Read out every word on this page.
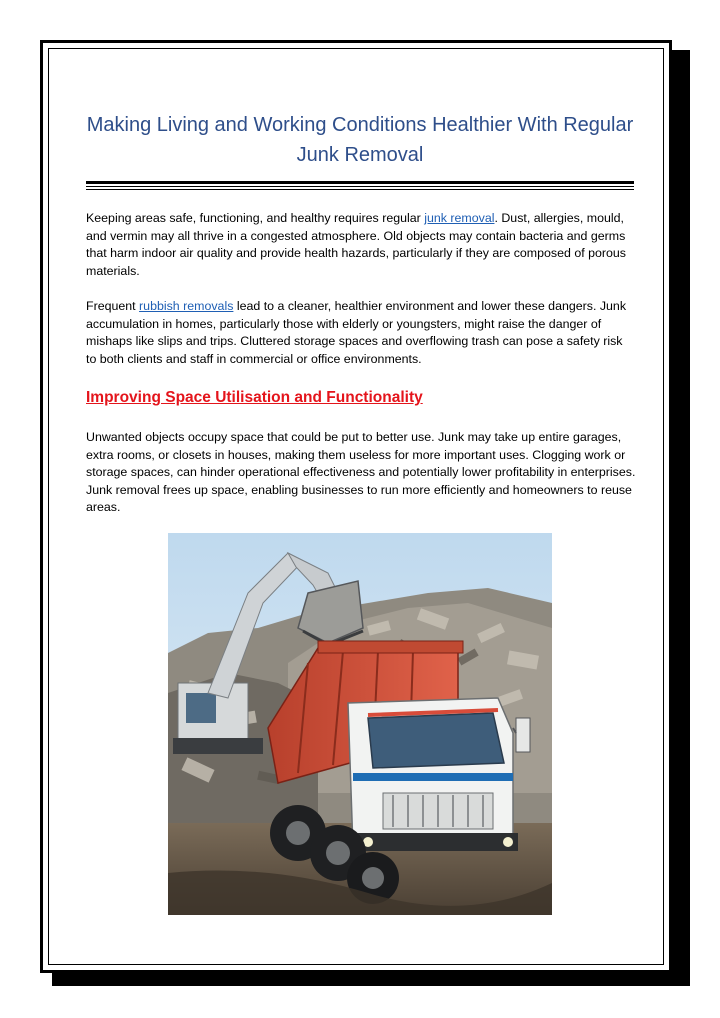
Making Living and Working Conditions Healthier With Regular Junk Removal

Keeping areas safe, functioning, and healthy requires regular junk removal. Dust, allergies, mould, and vermin may all thrive in a congested atmosphere. Old objects may contain bacteria and germs that harm indoor air quality and provide health hazards, particularly if they are composed of porous materials.

Frequent rubbish removals lead to a cleaner, healthier environment and lower these dangers. Junk accumulation in homes, particularly those with elderly or youngsters, might raise the danger of mishaps like slips and trips. Cluttered storage spaces and overflowing trash can pose a safety risk to both clients and staff in commercial or office environments.

Improving Space Utilisation and Functionality

Unwanted objects occupy space that could be put to better use. Junk may take up entire garages, extra rooms, or closets in houses, making them useless for more important uses. Clogging work or storage spaces, can hinder operational effectiveness and potentially lower profitability in enterprises. Junk removal frees up space, enabling businesses to run more efficiently and homeowners to reuse areas.
